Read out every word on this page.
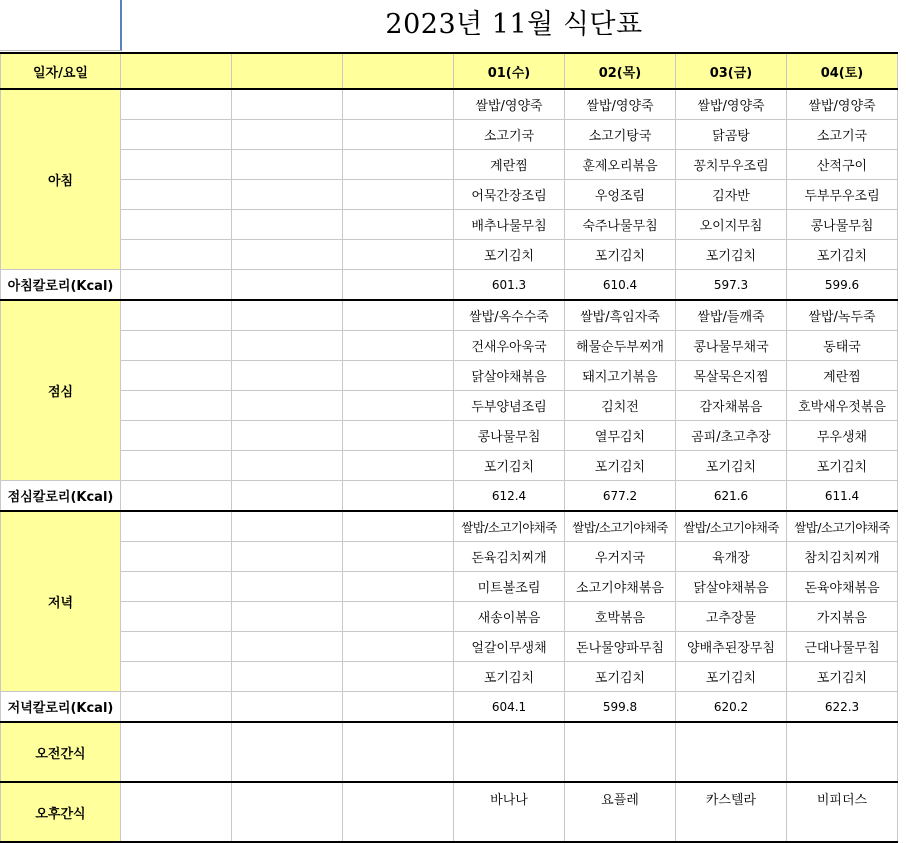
2023년 11월 식단표
일자/요일				01(수)	02(목)	03(금)	04(토)
아침				쌀밥/영양죽	쌀밥/영양죽	쌀밥/영양죽	쌀밥/영양죽
				소고기국	소고기탕국	닭곰탕	소고기국
				계란찜	훈제오리볶음	꽁치무우조림	산적구이
				어묵간장조림	우엉조림	김자반	두부무우조림
				배추나물무침	숙주나물무침	오이지무침	콩나물무침
				포기김치	포기김치	포기김치	포기김치
아침칼로리(Kcal)				601.3	610.4	597.3	599.6
점심				쌀밥/옥수수죽	쌀밥/흑임자죽	쌀밥/들깨죽	쌀밥/녹두죽
				건새우아욱국	해물순두부찌개	콩나물무채국	동태국
				닭살야채볶음	돼지고기볶음	목살묵은지찜	계란찜
				두부양념조림	김치전	감자채볶음	호박새우젓볶음
				콩나물무침	열무김치	곰피/초고추장	무우생채
				포기김치	포기김치	포기김치	포기김치
점심칼로리(Kcal)				612.4	677.2	621.6	611.4
저녁				쌀밥/소고기야채죽	쌀밥/소고기야채죽	쌀밥/소고기야채죽	쌀밥/소고기야채죽
				돈육김치찌개	우거지국	육개장	참치김치찌개
				미트볼조림	소고기야채볶음	닭살야채볶음	돈육야채볶음
				새송이볶음	호박볶음	고추장물	가지볶음
				얼갈이무생채	돈나물양파무침	양배추된장무침	근대나물무침
				포기김치	포기김치	포기김치	포기김치
저녁칼로리(Kcal)				604.1	599.8	620.2	622.3
오전간식							
오후간식				바나나	요플레	카스텔라	비피더스
